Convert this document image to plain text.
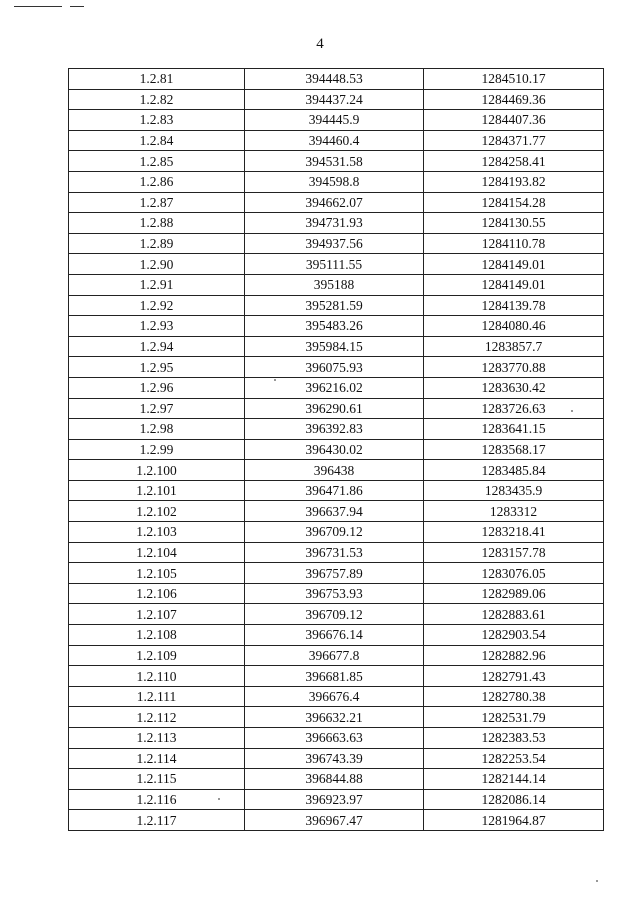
4
1.2.81	394448.53	1284510.17
1.2.82	394437.24	1284469.36
1.2.83	394445.9	1284407.36
1.2.84	394460.4	1284371.77
1.2.85	394531.58	1284258.41
1.2.86	394598.8	1284193.82
1.2.87	394662.07	1284154.28
1.2.88	394731.93	1284130.55
1.2.89	394937.56	1284110.78
1.2.90	395111.55	1284149.01
1.2.91	395188	1284149.01
1.2.92	395281.59	1284139.78
1.2.93	395483.26	1284080.46
1.2.94	395984.15	1283857.7
1.2.95	396075.93	1283770.88
1.2.96	396216.02	1283630.42
1.2.97	396290.61	1283726.63
1.2.98	396392.83	1283641.15
1.2.99	396430.02	1283568.17
1.2.100	396438	1283485.84
1.2.101	396471.86	1283435.9
1.2.102	396637.94	1283312
1.2.103	396709.12	1283218.41
1.2.104	396731.53	1283157.78
1.2.105	396757.89	1283076.05
1.2.106	396753.93	1282989.06
1.2.107	396709.12	1282883.61
1.2.108	396676.14	1282903.54
1.2.109	396677.8	1282882.96
1.2.110	396681.85	1282791.43
1.2.111	396676.4	1282780.38
1.2.112	396632.21	1282531.79
1.2.113	396663.63	1282383.53
1.2.114	396743.39	1282253.54
1.2.115	396844.88	1282144.14
1.2.116	396923.97	1282086.14
1.2.117	396967.47	1281964.87
